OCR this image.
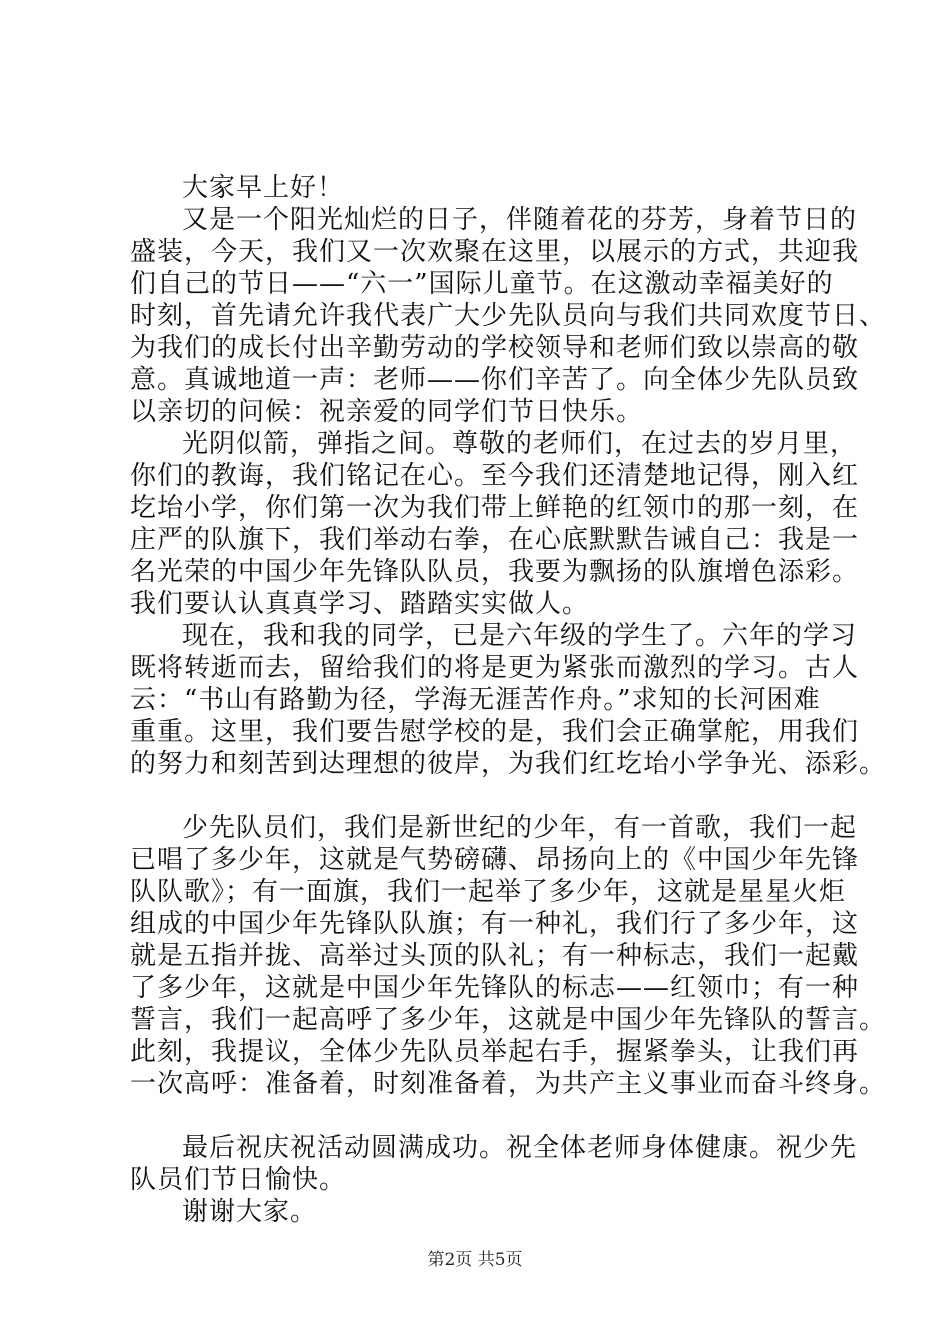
大家早上好！
又是一个阳光灿烂的日子，伴随着花的芬芳，身着节日的
盛装，今天，我们又一次欢聚在这里，以展示的方式，共迎我
们自己的节日——“六一”国际儿童节。在这激动幸福美好的
时刻，首先请允许我代表广大少先队员向与我们共同欢度节日、
为我们的成长付出辛勤劳动的学校领导和老师们致以崇高的敬
意。真诚地道一声：老师——你们辛苦了。向全体少先队员致
以亲切的问候：祝亲爱的同学们节日快乐。
光阴似箭，弹指之间。尊敬的老师们，在过去的岁月里，
你们的教诲，我们铭记在心。至今我们还清楚地记得，刚入红
圪坮小学，你们第一次为我们带上鲜艳的红领巾的那一刻，在
庄严的队旗下，我们举动右拳，在心底默默告诫自己：我是一
名光荣的中国少年先锋队队员，我要为飘扬的队旗增色添彩。
我们要认认真真学习、踏踏实实做人。
现在，我和我的同学，已是六年级的学生了。六年的学习
既将转逝而去，留给我们的将是更为紧张而激烈的学习。古人
云：“书山有路勤为径，学海无涯苦作舟。”求知的长河困难
重重。这里，我们要告慰学校的是，我们会正确掌舵，用我们
的努力和刻苦到达理想的彼岸，为我们红圪坮小学争光、添彩。
少先队员们，我们是新世纪的少年，有一首歌，我们一起
已唱了多少年，这就是气势磅礴、昂扬向上的《中国少年先锋
队队歌》；有一面旗，我们一起举了多少年，这就是星星火炬
组成的中国少年先锋队队旗；有一种礼，我们行了多少年，这
就是五指并拢、高举过头顶的队礼；有一种标志，我们一起戴
了多少年，这就是中国少年先锋队的标志——红领巾；有一种
誓言，我们一起高呼了多少年，这就是中国少年先锋队的誓言。
此刻，我提议，全体少先队员举起右手，握紧拳头，让我们再
一次高呼：准备着，时刻准备着，为共产主义事业而奋斗终身。
最后祝庆祝活动圆满成功。祝全体老师身体健康。祝少先
队员们节日愉快。
谢谢大家。
第2页 共5页
